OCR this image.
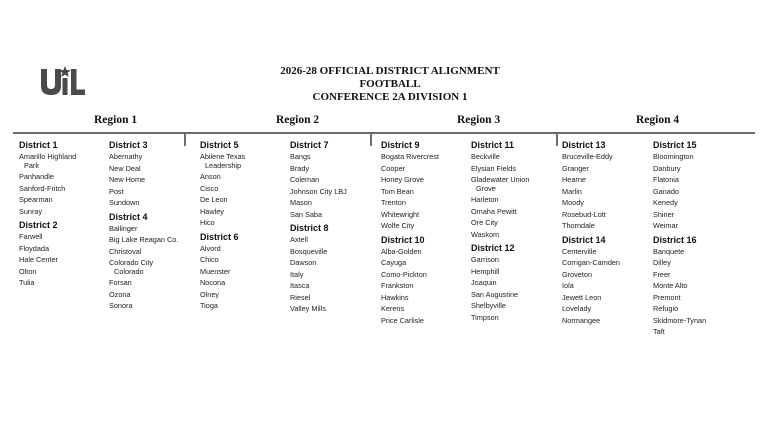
2026-28 OFFICIAL DISTRICT ALIGNMENT
FOOTBALL
CONFERENCE 2A DIVISION 1
Region 1	Region 2	Region 3	Region 4
District 1
Amarillo Highland
Park
Panhandle
Sanford-Fritch
Spearman
Sunray
District 2
Farwell
Floydada
Hale Center
Olton
Tulia
District 3
Abernathy
New Deal
New Home
Post
Sundown
District 4
Ballinger
Big Lake Reagan Co.
Christoval
Colorado City
Colorado
Forsan
Ozona
Sonora
District 5
Abilene Texas
Leadership
Anson
Cisco
De Leon
Hawley
Hico
District 6
Alvord
Chico
Muenster
Nocona
Olney
Tioga
District 7
Bangs
Brady
Coleman
Johnson City LBJ
Mason
San Saba
District 8
Axtell
Bosqueville
Dawson
Italy
Itasca
Riesel
Valley Mills
District 9
Bogata Rivercrest
Cooper
Honey Grove
Tom Bean
Trenton
Whitewright
Wolfe City
District 10
Alba-Golden
Cayuga
Como-Pickton
Frankston
Hawkins
Kerens
Price Carlisle
District 11
Beckville
Elysian Fields
Gladewater Union
Grove
Harleton
Omaha Pewitt
Ore City
Waskom
District 12
Garrison
Hemphill
Joaquin
San Augustine
Shelbyville
Timpson
District 13
Bruceville-Eddy
Granger
Hearne
Marlin
Moody
Rosebud-Lott
Thorndale
District 14
Centerville
Corrigan-Camden
Groveton
Iola
Jewett Leon
Lovelady
Normangee
District 15
Bloomington
Danbury
Flatonia
Ganado
Kenedy
Shiner
Weimar
District 16
Banquete
Dilley
Freer
Monte Alto
Premont
Refugio
Skidmore-Tynan
Taft
